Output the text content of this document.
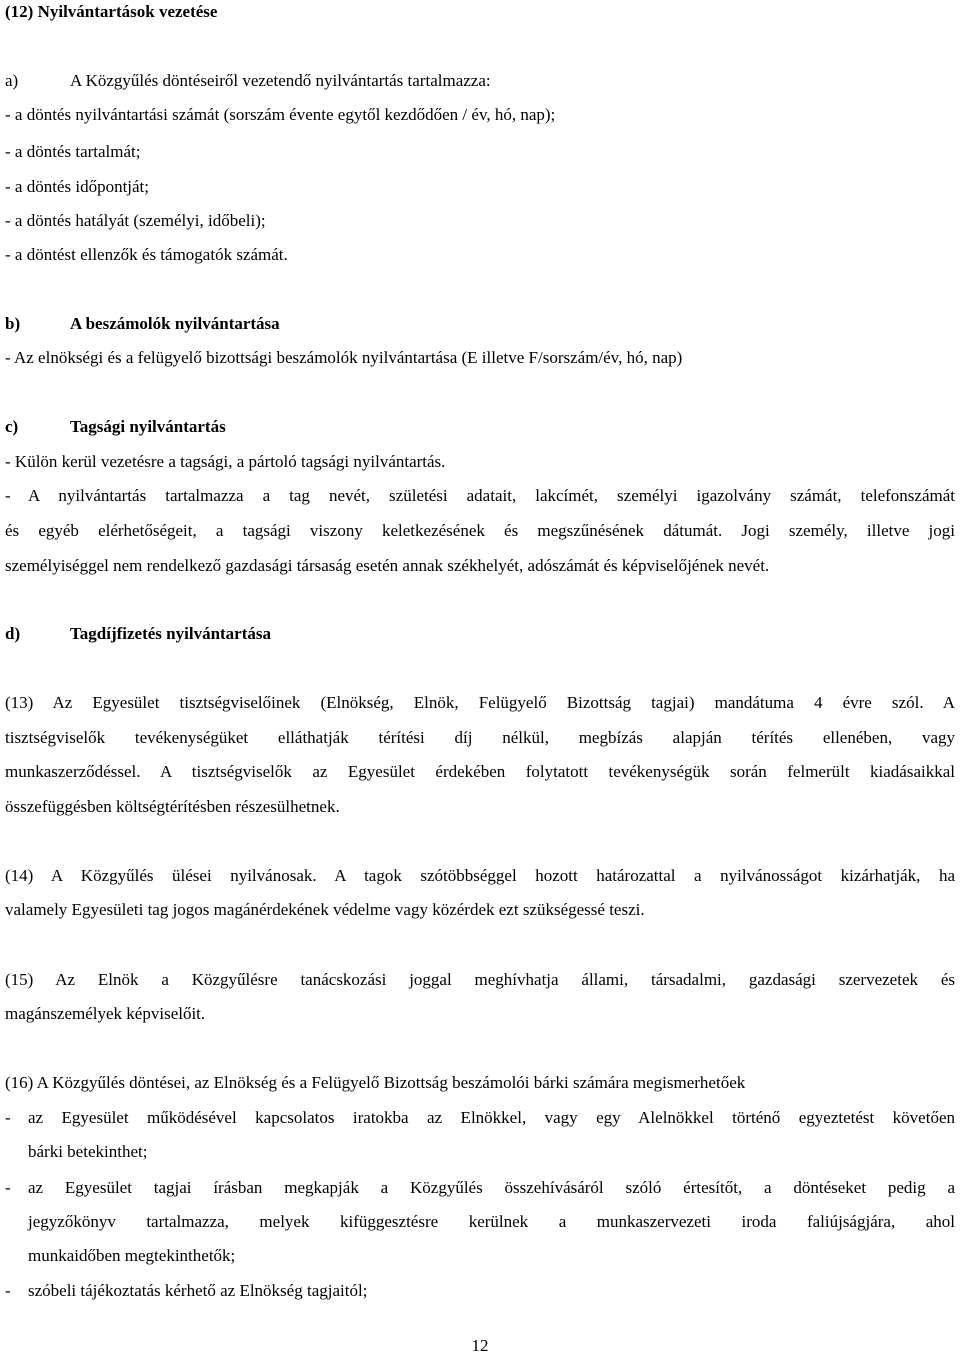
(12) Nyilvántartások vezetése
a)	A Közgyűlés döntéseiről vezetendő nyilvántartás tartalmazza:
- a döntés nyilvántartási számát (sorszám évente egytől kezdődően / év, hó, nap);
- a döntés tartalmát;
- a döntés időpontját;
- a döntés hatályát (személyi, időbeli);
- a döntést ellenzők és támogatók számát.
b)	A beszámolók nyilvántartása
- Az elnökségi és a felügyelő bizottsági beszámolók nyilvántartása (E illetve F/sorszám/év, hó, nap)
c)	Tagsági nyilvántartás
- Külön kerül vezetésre a tagsági, a pártoló tagsági nyilvántartás.
- A nyilvántartás tartalmazza a tag nevét, születési adatait, lakcímét, személyi igazolvány számát, telefonszámát
és egyéb elérhetőségeit, a tagsági viszony keletkezésének és megszűnésének dátumát. Jogi személy, illetve jogi
személyiséggel nem rendelkező gazdasági társaság esetén annak székhelyét, adószámát és képviselőjének nevét.
d)	Tagdíjfizetés nyilvántartása
(13) Az Egyesület tisztségviselőinek (Elnökség, Elnök, Felügyelő Bizottság tagjai) mandátuma 4 évre szól. A
tisztségviselők tevékenységüket elláthatják térítési díj nélkül, megbízás alapján térítés ellenében, vagy
munkaszerződéssel. A tisztségviselők az Egyesület érdekében folytatott tevékenységük során felmerült kiadásaikkal
összefüggésben költségtérítésben részesülhetnek.
(14) A Közgyűlés ülései nyilvánosak. A tagok szótöbbséggel hozott határozattal a nyilvánosságot kizárhatják, ha
valamely Egyesületi tag jogos magánérdekének védelme vagy közérdek ezt szükségessé teszi.
(15) Az Elnök a Közgyűlésre tanácskozási joggal meghívhatja állami, társadalmi, gazdasági szervezetek és
magánszemélyek képviselőit.
(16) A Közgyűlés döntései, az Elnökség és a Felügyelő Bizottság beszámolói bárki számára megismerhetőek
- az Egyesület működésével kapcsolatos iratokba az Elnökkel, vagy egy Alelnökkel történő egyeztetést követően
bárki betekinthet;
- az Egyesület tagjai írásban megkapják a Közgyűlés összehívásáról szóló értesítőt, a döntéseket pedig a
jegyzőkönyv tartalmazza, melyek kifüggesztésre kerülnek a munkaszervezeti iroda faliújságjára, ahol
munkaidőben megtekinthetők;
- szóbeli tájékoztatás kérhető az Elnökség tagjaitól;
12
